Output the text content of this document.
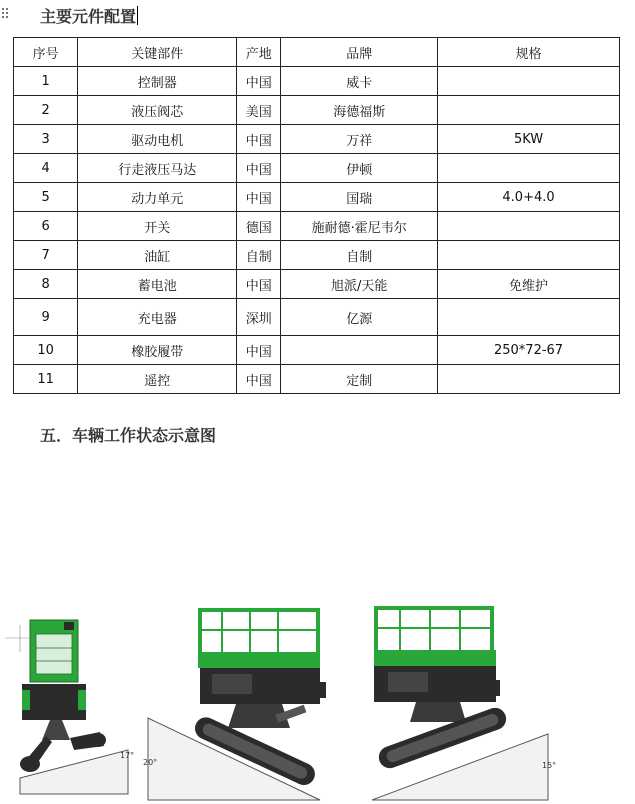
主要元件配置
序号	关键部件	产地	品牌	规格
1	控制器	中国	威卡	
2	液压阀芯	美国	海德福斯	
3	驱动电机	中国	万祥	5KW
4	行走液压马达	中国	伊顿	
5	动力单元	中国	国瑞	4.0+4.0
6	开关	德国	施耐德·霍尼韦尔	
7	油缸	自制	自制	
8	蓄电池	中国	旭派/天能	免维护
9	充电器	深圳	亿源	
10	橡胶履带	中国		250*72-67
11	遥控	中国	定制	
五．车辆工作状态示意图
17°
20°	15°
